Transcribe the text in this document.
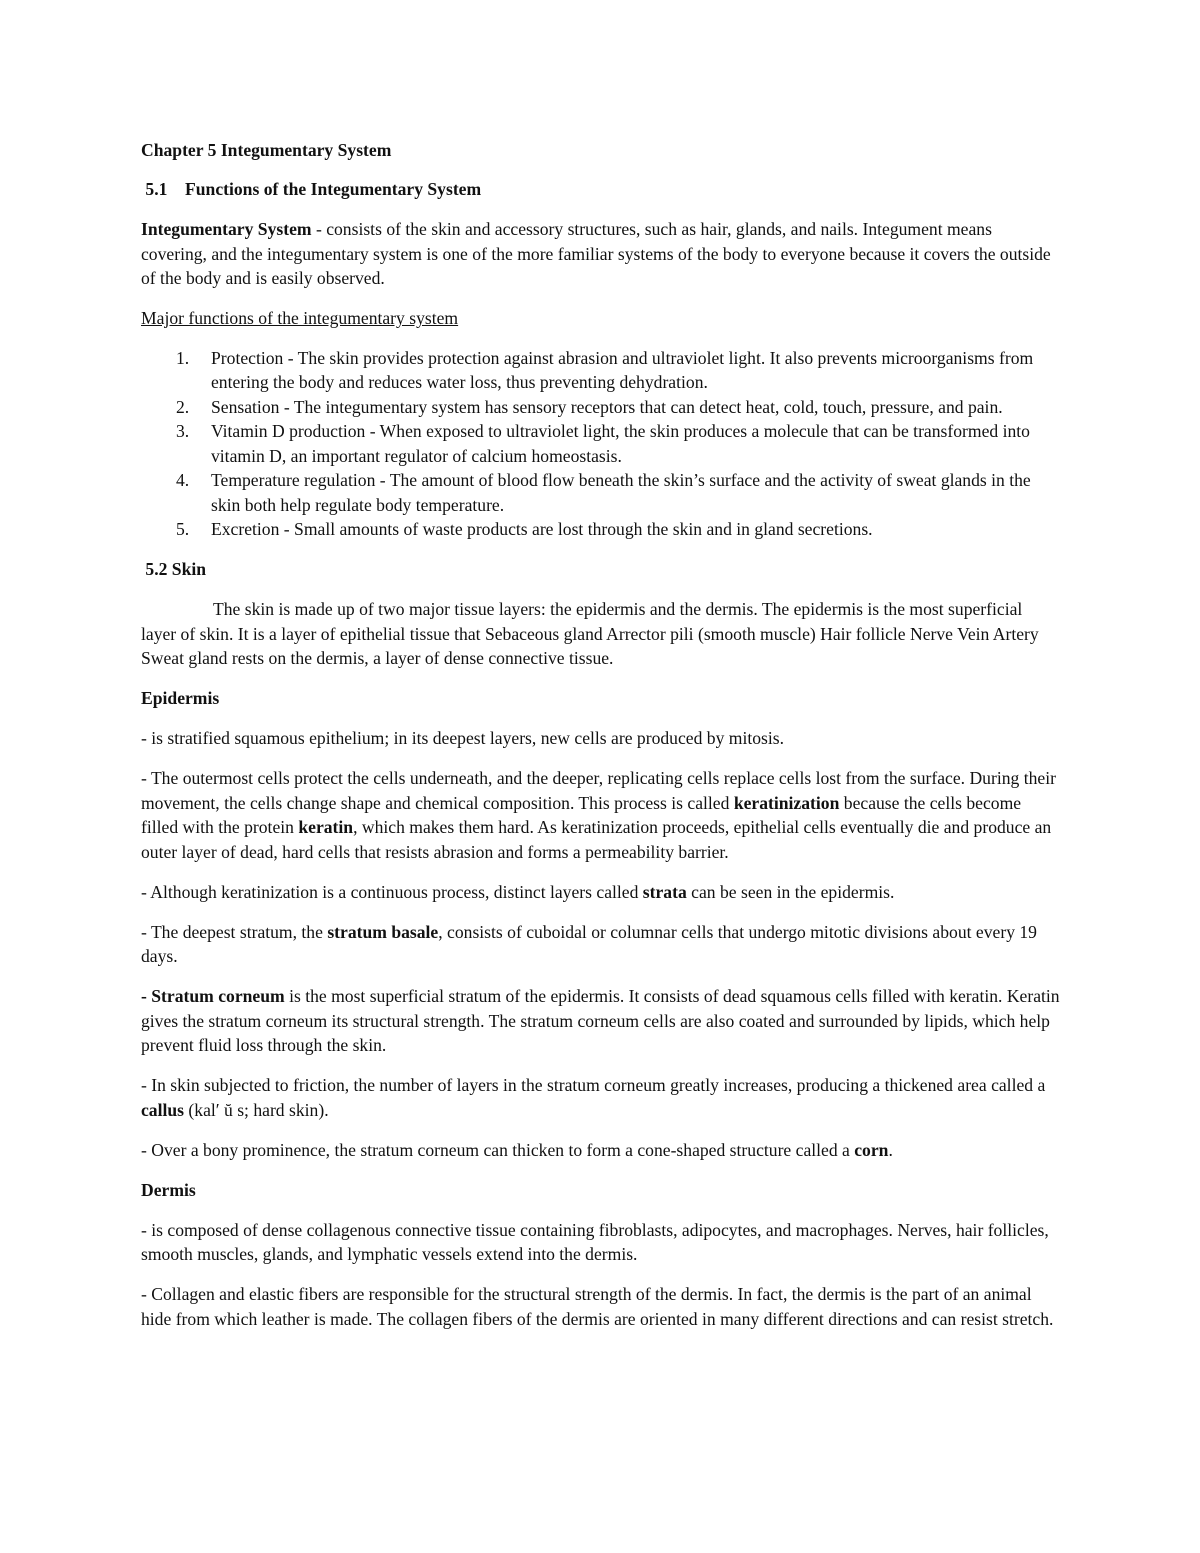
Chapter 5 Integumentary System
5.1 Functions of the Integumentary System

Integumentary System - consists of the skin and accessory structures, such as hair, glands, and nails. Integument means covering, and the integumentary system is one of the more familiar systems of the body to everyone because it covers the outside of the body and is easily observed.

Major functions of the integumentary system

1. Protection - The skin provides protection against abrasion and ultraviolet light. It also prevents microorganisms from entering the body and reduces water loss, thus preventing dehydration.
2. Sensation - The integumentary system has sensory receptors that can detect heat, cold, touch, pressure, and pain.
3. Vitamin D production - When exposed to ultraviolet light, the skin produces a molecule that can be transformed into vitamin D, an important regulator of calcium homeostasis.
4. Temperature regulation - The amount of blood flow beneath the skin’s surface and the activity of sweat glands in the skin both help regulate body temperature.
5. Excretion - Small amounts of waste products are lost through the skin and in gland secretions.
5.2 Skin

The skin is made up of two major tissue layers: the epidermis and the dermis. The epidermis is the most superficial layer of skin. It is a layer of epithelial tissue that Sebaceous gland Arrector pili (smooth muscle) Hair follicle Nerve Vein Artery Sweat gland rests on the dermis, a layer of dense connective tissue.

Epidermis

- is stratified squamous epithelium; in its deepest layers, new cells are produced by mitosis.

- The outermost cells protect the cells underneath, and the deeper, replicating cells replace cells lost from the surface. During their movement, the cells change shape and chemical composition. This process is called keratinization because the cells become filled with the protein keratin, which makes them hard. As keratinization proceeds, epithelial cells eventually die and produce an outer layer of dead, hard cells that resists abrasion and forms a permeability barrier.

- Although keratinization is a continuous process, distinct layers called strata can be seen in the epidermis.

- The deepest stratum, the stratum basale, consists of cuboidal or columnar cells that undergo mitotic divisions about every 19 days.

- Stratum corneum is the most superficial stratum of the epidermis. It consists of dead squamous cells filled with keratin. Keratin gives the stratum corneum its structural strength. The stratum corneum cells are also coated and surrounded by lipids, which help prevent fluid loss through the skin.

- In skin subjected to friction, the number of layers in the stratum corneum greatly increases, producing a thickened area called a callus (kal′ ŭ s; hard skin).

- Over a bony prominence, the stratum corneum can thicken to form a cone-shaped structure called a corn.

Dermis

- is composed of dense collagenous connective tissue containing fibroblasts, adipocytes, and macrophages. Nerves, hair follicles, smooth muscles, glands, and lymphatic vessels extend into the dermis.

- Collagen and elastic fibers are responsible for the structural strength of the dermis. In fact, the dermis is the part of an animal hide from which leather is made. The collagen fibers of the dermis are oriented in many different directions and can resist stretch.
